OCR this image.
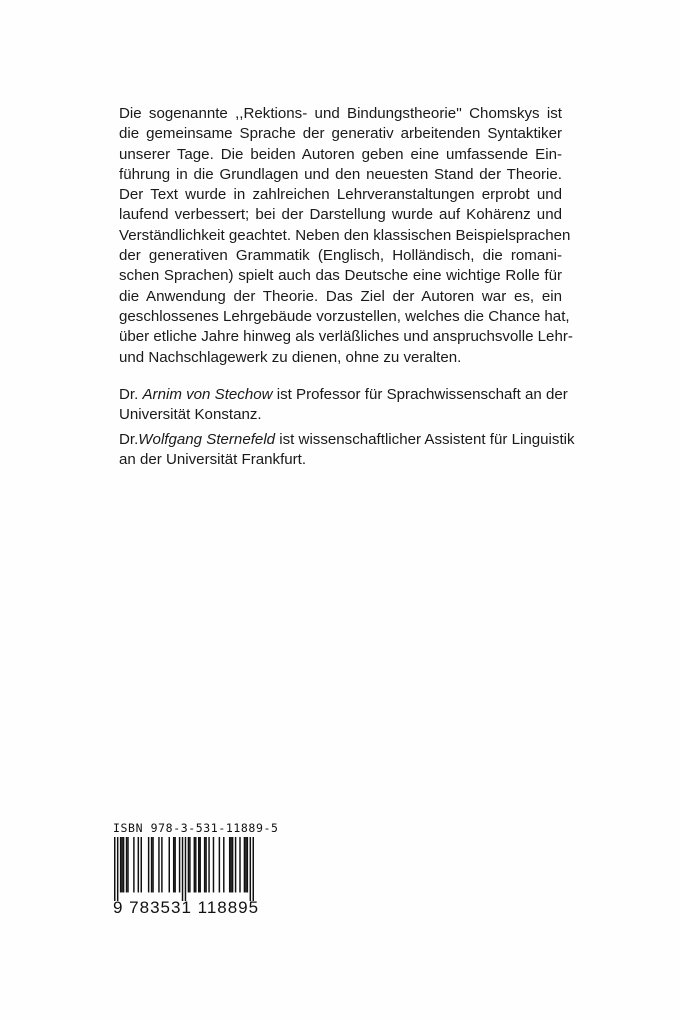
Die sogenannte ,,Rektions- und Bindungstheorie'' Chomskys ist
die gemeinsame Sprache der generativ arbeitenden Syntaktiker
unserer Tage. Die beiden Autoren geben eine umfassende Ein-
führung in die Grundlagen und den neuesten Stand der Theorie.
Der Text wurde in zahlreichen Lehrveranstaltungen erprobt und
laufend verbessert; bei der Darstellung wurde auf Kohärenz und
Verständlichkeit geachtet. Neben den klassischen Beispielsprachen
der generativen Grammatik (Englisch, Holländisch, die romani-
schen Sprachen) spielt auch das Deutsche eine wichtige Rolle für
die Anwendung der Theorie. Das Ziel der Autoren war es, ein
geschlossenes Lehrgebäude vorzustellen, welches die Chance hat,
über etliche Jahre hinweg als verläßliches und anspruchsvolle Lehr-
und Nachschlagewerk zu dienen, ohne zu veralten.

Dr. Arnim von Stechow ist Professor für Sprachwissenschaft an der
Universität Konstanz.

Dr.Wolfgang Sternefeld ist wissenschaftlicher Assistent für Linguistik
an der Universität Frankfurt.

ISBN 978-3-531-11889-5

9 783531 118895
